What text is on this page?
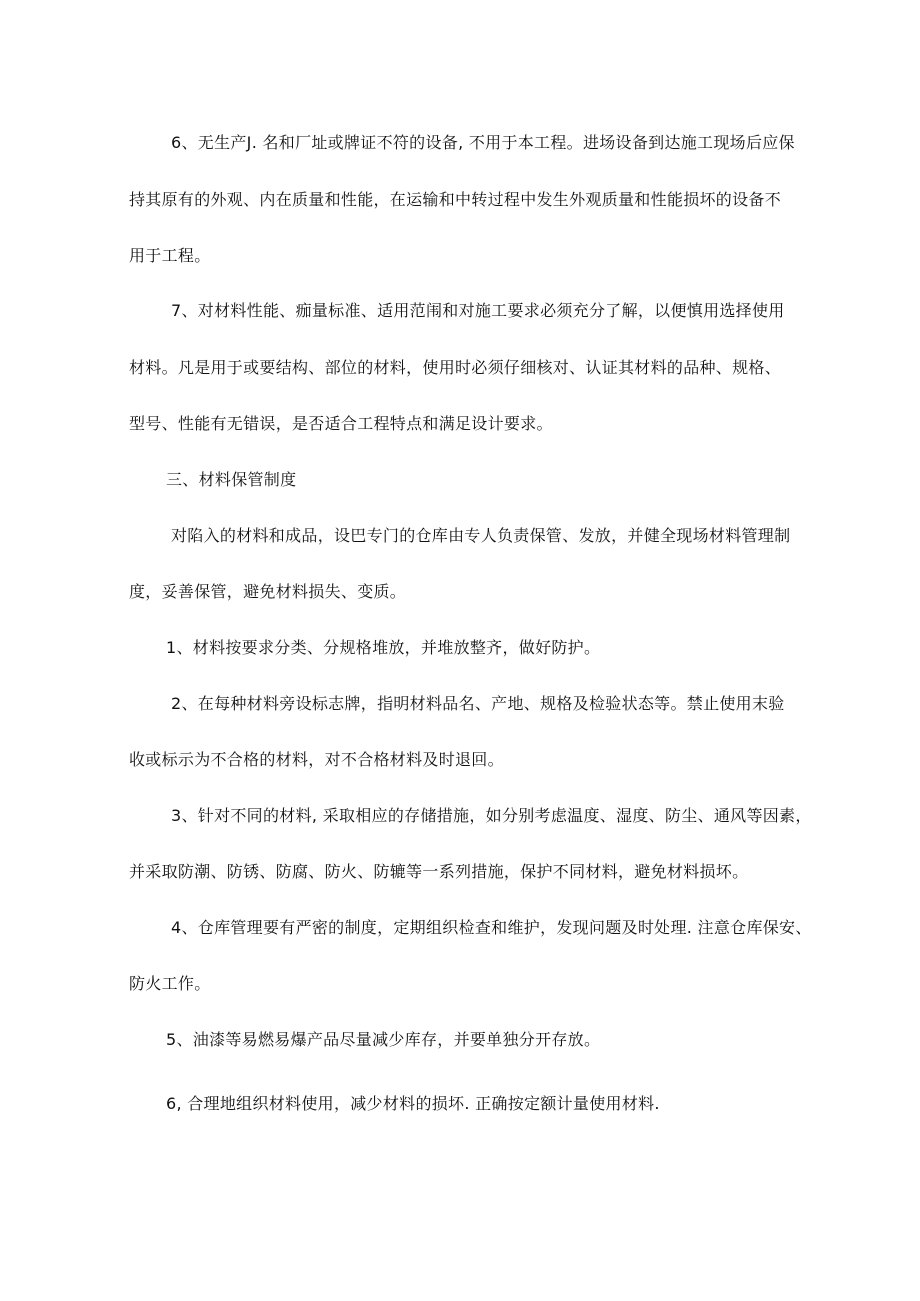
6、无生产J. 名和厂址或牌证不符的设备, 不用于本工程。进场设备到达施工现场后应保
持其原有的外观、内在质量和性能，在运输和中转过程中发生外观质量和性能损坏的设备不
用于工程。
7、对材料性能、痂量标准、适用范闱和对施工要求必须充分了解，以便慎用选择使用
材料。凡是用于或要结构、部位的材料，使用时必须仔细核对、认证其材料的品种、规格、
型号、性能有无错误，是否适合工程特点和满足设计要求。
三、材料保管制度
对陷入的材料和成品，设巴专门的仓库由专人负责保管、发放，并健全现场材料管理制
度，妥善保管，避免材料损失、变质。
1、材料按要求分类、分规格堆放，并堆放整齐，做好防护。
2、在每种材料旁设标志牌，指明材料品名、产地、规格及检验状态等。禁止使用末验
收或标示为不合格的材料，对不合格材料及时退回。
3、针对不同的材料, 采取相应的存储措施，如分别考虑温度、湿度、防尘、通风等因素，
并采取防潮、防锈、防腐、防火、防辘等一系列措施，保护不同材料，避免材料损坏。
4、仓库管理要有严密的制度，定期组织检查和维护，发现问题及时处理. 注意仓库保安、
防火工作。
5、油漆等易燃易爆产品尽量减少库存，并要单独分开存放。
6, 合理地组织材料使用，减少材料的损坏. 正确按定额计量使用材料.
